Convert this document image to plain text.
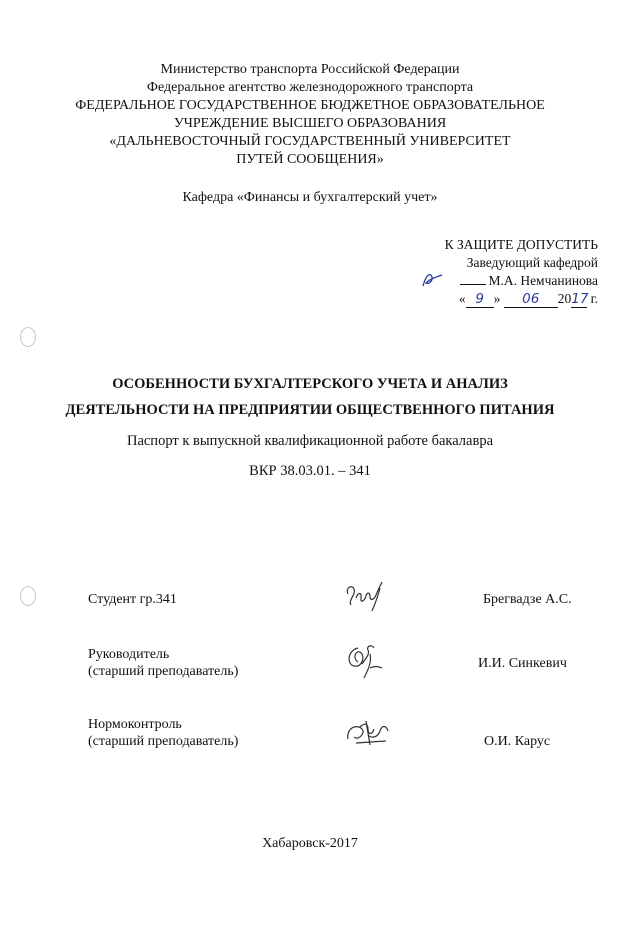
Министерство транспорта Российской Федерации
Федеральное агентство железнодорожного транспорта
ФЕДЕРАЛЬНОЕ ГОСУДАРСТВЕННОЕ БЮДЖЕТНОЕ ОБРАЗОВАТЕЛЬНОЕ
УЧРЕЖДЕНИЕ ВЫСШЕГО ОБРАЗОВАНИЯ
«ДАЛЬНЕВОСТОЧНЫЙ ГОСУДАРСТВЕННЫЙ УНИВЕРСИТЕТ
ПУТЕЙ СООБЩЕНИЯ»
Кафедра «Финансы и бухгалтерский учет»
К ЗАЩИТЕ ДОПУСТИТЬ
Заведующий кафедрой
М.А. Немчанинова
« 9 » 06 2017 г.
ОСОБЕННОСТИ БУХГАЛТЕРСКОГО УЧЕТА И АНАЛИЗ
ДЕЯТЕЛЬНОСТИ НА ПРЕДПРИЯТИИ ОБЩЕСТВЕННОГО ПИТАНИЯ
Паспорт к выпускной квалификационной работе бакалавра
ВКР 38.03.01. – 341
Студент гр.341	Брегвадзе А.С.
Руководитель
(старший преподаватель)
И.И. Синкевич
Нормоконтроль
(старший преподаватель)	О.И. Карус
Хабаровск-2017
